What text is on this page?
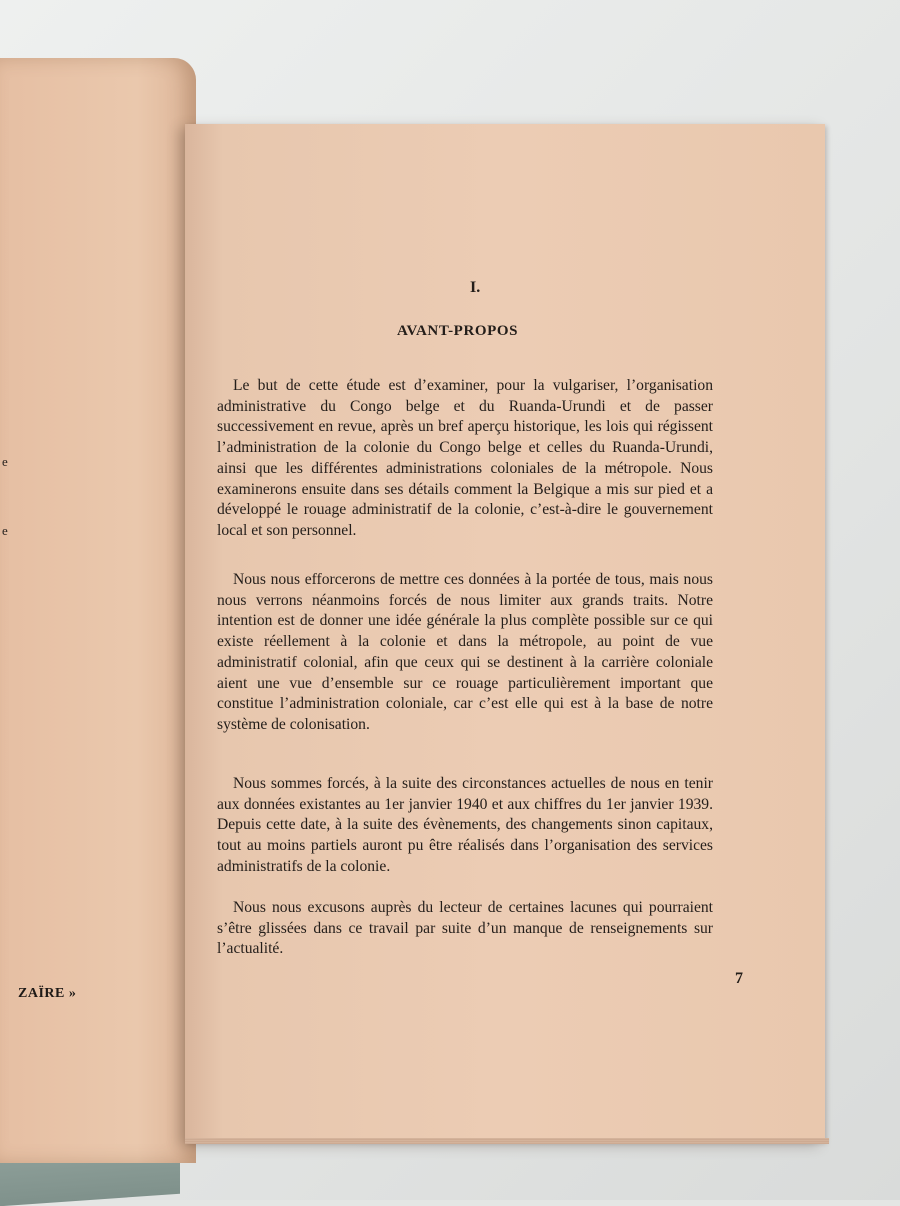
e
e
ZAÏRE »
I.
AVANT-PROPOS

Le but de cette étude est d’examiner, pour la vulgariser, l’organisation administrative du Congo belge et du Ruanda-Urundi et de passer successivement en revue, après un bref aperçu historique, les lois qui régissent l’administration de la colonie du Congo belge et celles du Ruanda-Urundi, ainsi que les différentes administrations coloniales de la métropole. Nous examinerons ensuite dans ses détails comment la Belgique a mis sur pied et a développé le rouage administratif de la colonie, c’est-à-dire le gouvernement local et son personnel.

Nous nous efforcerons de mettre ces données à la portée de tous, mais nous nous verrons néanmoins forcés de nous limiter aux grands traits. Notre intention est de donner une idée générale la plus complète possible sur ce qui existe réellement à la colonie et dans la métropole, au point de vue administratif colonial, afin que ceux qui se destinent à la carrière coloniale aient une vue d’ensemble sur ce rouage particulièrement important que constitue l’administration coloniale, car c’est elle qui est à la base de notre système de colonisation.

Nous sommes forcés, à la suite des circonstances actuelles de nous en tenir aux données existantes au 1er janvier 1940 et aux chiffres du 1er janvier 1939. Depuis cette date, à la suite des évènements, des changements sinon capitaux, tout au moins partiels auront pu être réalisés dans l’organisation des services administratifs de la colonie.

Nous nous excusons auprès du lecteur de certaines lacunes qui pourraient s’être glissées dans ce travail par suite d’un manque de renseignements sur l’actualité.

7
